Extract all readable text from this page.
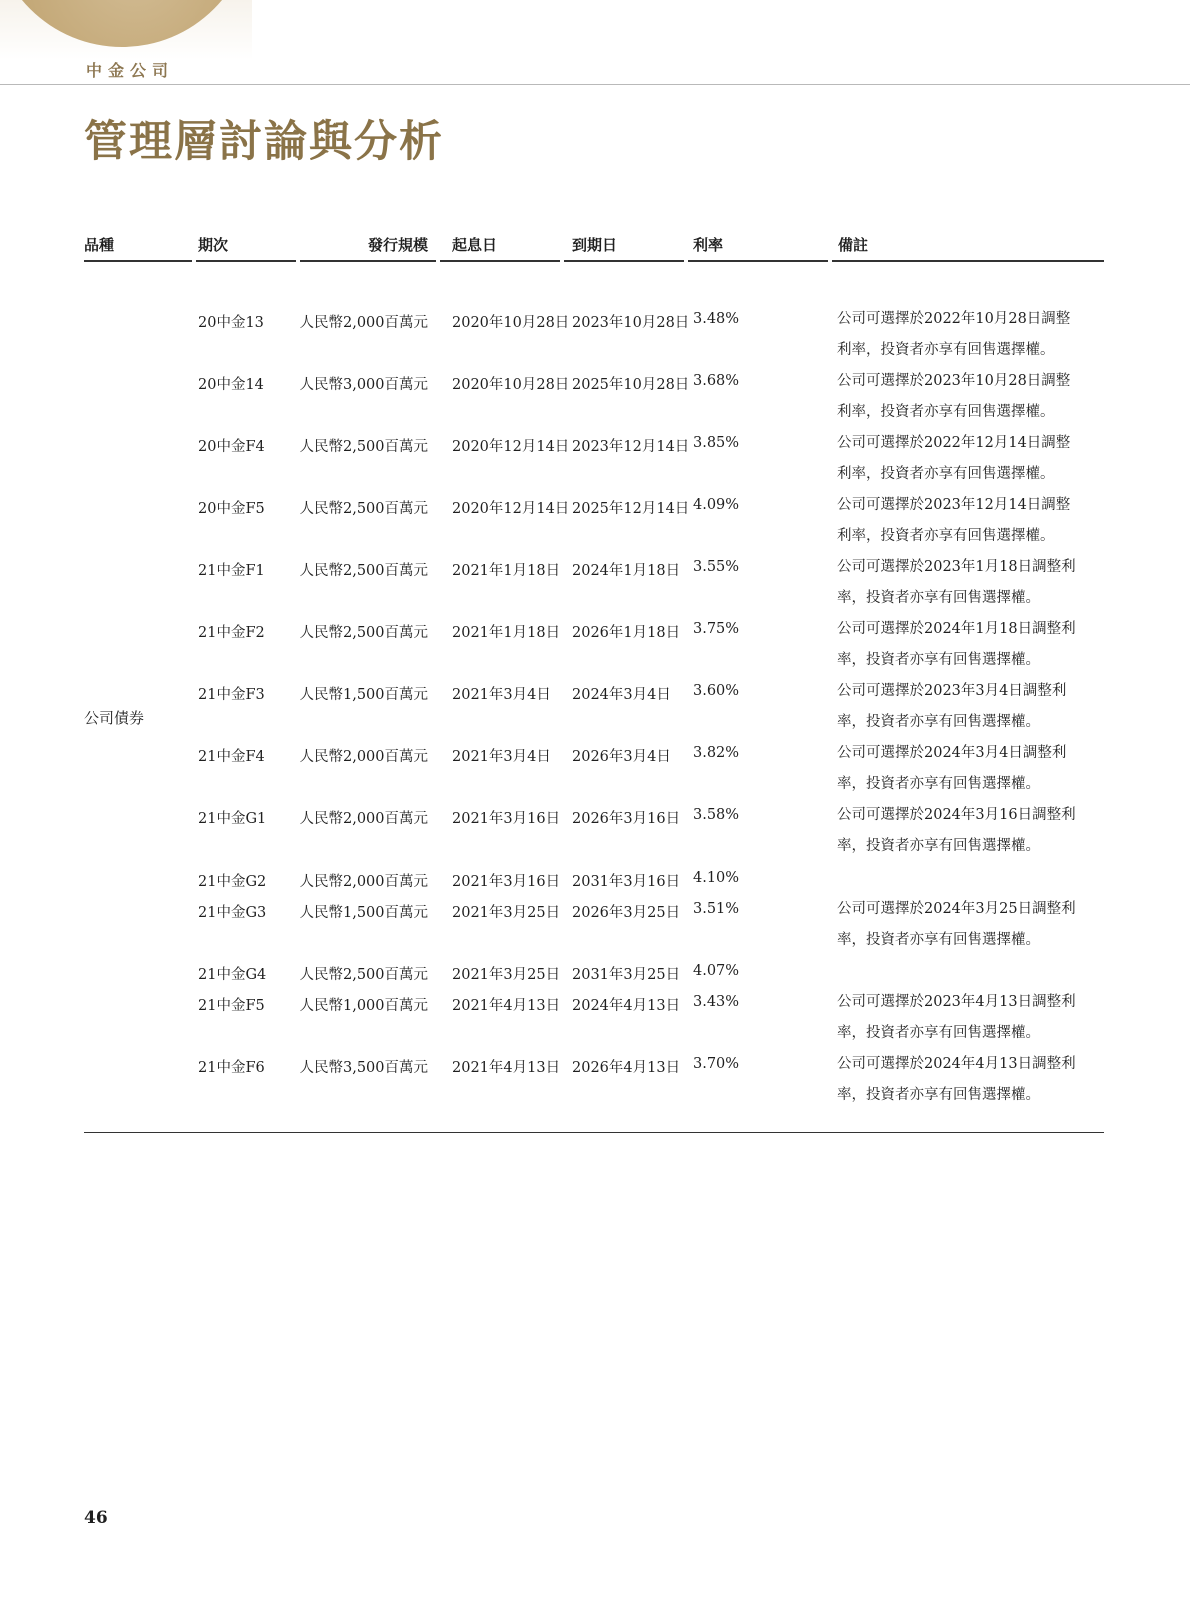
中金公司
管理層討論與分析
品種	期次	發行規模 起息日	到期日	利率	備註
公司債券
20中金13 人民幣2,000百萬元 2020年10月28日 2023年10月28日 3.48%	公司可選擇於2022年10月28日調整利率，投資者亦享有回售選擇權。
20中金14 人民幣3,000百萬元 2020年10月28日 2025年10月28日 3.68%	公司可選擇於2023年10月28日調整利率，投資者亦享有回售選擇權。
20中金F4 人民幣2,500百萬元 2020年12月14日 2023年12月14日 3.85%	公司可選擇於2022年12月14日調整利率，投資者亦享有回售選擇權。
20中金F5 人民幣2,500百萬元 2020年12月14日 2025年12月14日 4.09%	公司可選擇於2023年12月14日調整利率，投資者亦享有回售選擇權。
21中金F1 人民幣2,500百萬元 2021年1月18日 2024年1月18日 3.55%	公司可選擇於2023年1月18日調整利率，投資者亦享有回售選擇權。
21中金F2 人民幣2,500百萬元 2021年1月18日 2026年1月18日 3.75%	公司可選擇於2024年1月18日調整利率，投資者亦享有回售選擇權。
21中金F3 人民幣1,500百萬元 2021年3月4日 2024年3月4日 3.60%	公司可選擇於2023年3月4日調整利率，投資者亦享有回售選擇權。
21中金F4 人民幣2,000百萬元 2021年3月4日 2026年3月4日 3.82%	公司可選擇於2024年3月4日調整利率，投資者亦享有回售選擇權。
21中金G1 人民幣2,000百萬元 2021年3月16日 2026年3月16日 3.58%	公司可選擇於2024年3月16日調整利率，投資者亦享有回售選擇權。
21中金G2 人民幣2,000百萬元 2021年3月16日 2031年3月16日 4.10%
21中金G3 人民幣1,500百萬元 2021年3月25日 2026年3月25日 3.51%	公司可選擇於2024年3月25日調整利率，投資者亦享有回售選擇權。
21中金G4 人民幣2,500百萬元 2021年3月25日 2031年3月25日 4.07%
21中金F5 人民幣1,000百萬元 2021年4月13日 2024年4月13日 3.43%	公司可選擇於2023年4月13日調整利率，投資者亦享有回售選擇權。
21中金F6 人民幣3,500百萬元 2021年4月13日 2026年4月13日 3.70%	公司可選擇於2024年4月13日調整利率，投資者亦享有回售選擇權。
46
